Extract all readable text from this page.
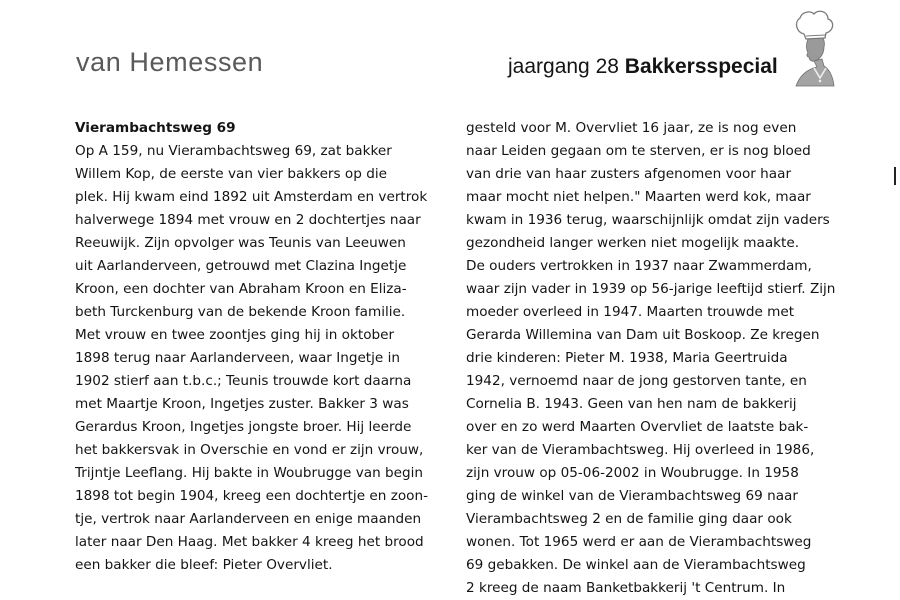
van Hemessen	jaargang 28 Bakkersspecial
Vierambachtsweg 69
Op A 159, nu Vierambachtsweg 69, zat bakker
Willem Kop, de eerste van vier bakkers op die
plek. Hij kwam eind 1892 uit Amsterdam en vertrok
halverwege 1894 met vrouw en 2 dochtertjes naar
Reeuwijk. Zijn opvolger was Teunis van Leeuwen
uit Aarlanderveen, getrouwd met Clazina Ingetje
Kroon, een dochter van Abraham Kroon en Eliza-
beth Turckenburg van de bekende Kroon familie.
Met vrouw en twee zoontjes ging hij in oktober
1898 terug naar Aarlanderveen, waar Ingetje in
1902 stierf aan t.b.c.; Teunis trouwde kort daarna
met Maartje Kroon, Ingetjes zuster. Bakker 3 was
Gerardus Kroon, Ingetjes jongste broer. Hij leerde
het bakkersvak in Overschie en vond er zijn vrouw,
Trijntje Leeflang. Hij bakte in Woubrugge van begin
1898 tot begin 1904, kreeg een dochtertje en zoon-
tje, vertrok naar Aarlanderveen en enige maanden
later naar Den Haag. Met bakker 4 kreeg het brood
een bakker die bleef: Pieter Overvliet.
gesteld voor M. Overvliet 16 jaar, ze is nog even
naar Leiden gegaan om te sterven, er is nog bloed
van drie van haar zusters afgenomen voor haar
maar mocht niet helpen." Maarten werd kok, maar
kwam in 1936 terug, waarschijnlijk omdat zijn vaders
gezondheid langer werken niet mogelijk maakte.
De ouders vertrokken in 1937 naar Zwammerdam,
waar zijn vader in 1939 op 56-jarige leeftijd stierf. Zijn
moeder overleed in 1947. Maarten trouwde met
Gerarda Willemina van Dam uit Boskoop. Ze kregen
drie kinderen: Pieter M. 1938, Maria Geertruida
1942, vernoemd naar de jong gestorven tante, en
Cornelia B. 1943. Geen van hen nam de bakkerij
over en zo werd Maarten Overvliet de laatste bak-
ker van de Vierambachtsweg. Hij overleed in 1986,
zijn vrouw op 05-06-2002 in Woubrugge. In 1958
ging de winkel van de Vierambachtsweg 69 naar
Vierambachtsweg 2 en de familie ging daar ook
wonen. Tot 1965 werd er aan de Vierambachtsweg
69 gebakken. De winkel aan de Vierambachtsweg
2 kreeg de naam Banketbakkerij 't Centrum. In
